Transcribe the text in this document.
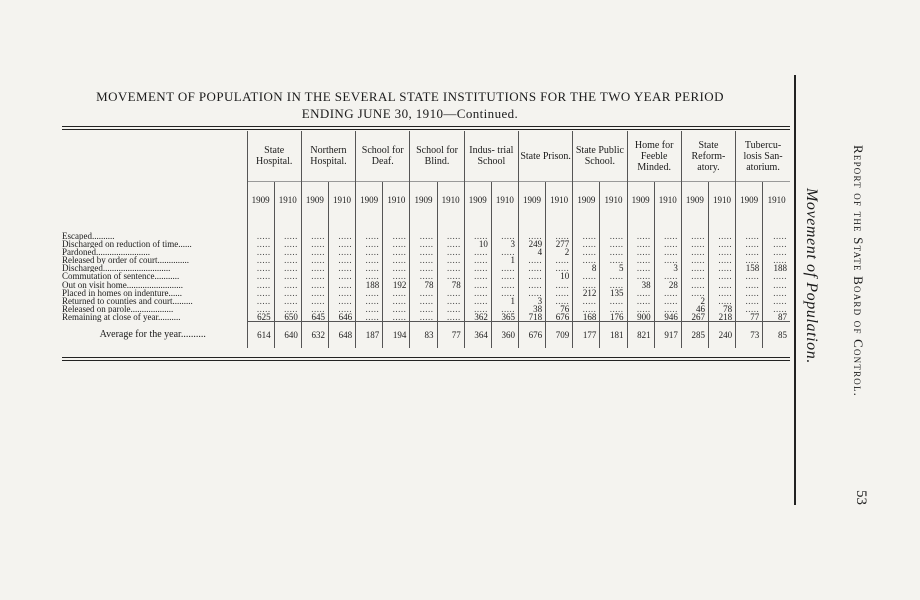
MOVEMENT OF POPULATION IN THE SEVERAL STATE INSTITUTIONS FOR THE TWO YEAR PERIOD
ENDING JUNE 30, 1910—Continued.
	State Hospital.		Northern Hospital.		School for Deaf.		School for Blind.		Indus- trial School		State Prison.		State Public School.		Home for Feeble Minded.		State Reform- atory.		Tubercu- losis San- atorium.	
	1909	1910	1909	1910	1909	1910	1909	1910	1909	1910	1909	1910	1909	1910	1909	1910	1909	1910	1909	1910

Escaped..........	.....	.....	.....	.....	.....	.....	.....	.....	.....	.....	.....	.....	.....	.....	.....	.....	.....	.....	.....	.....
Discharged on reduction of time......	.....	.....	.....	.....	.....	.....	.....	.....	10	3	249	277	.....	.....	.....	.....	.....	.....	.....	.....
Pardoned........................	.....	.....	.....	.....	.....	.....	.....	.....	.....	.....	4	2	.....	.....	.....	.....	.....	.....	.....	.....
Released by order of court..............	.....	.....	.....	.....	.....	.....	.....	.....	.....	1	.....	.....	.....	.....	.....	.....	.....	.....	.....	.....
Discharged..............................	.....	.....	.....	.....	.....	.....	.....	.....	.....	.....	.....	.....	8	5	.....	3	.....	.....	158	188
Commutation of sentence...........	.....	.....	.....	.....	.....	.....	.....	.....	.....	.....	.....	10	.....	.....	.....	.....	.....	.....	.....	.....
Out on visit home.........................	.....	.....	.....	.....	188	192	78	78	.....	.....	.....	.....	.....	.....	38	28	.....	.....	.....	.....
Placed in homes on indenture......	.....	.....	.....	.....	.....	.....	.....	.....	.....	.....	.....	.....	212	135	.....	.....	.....	.....	.....	.....
Returned to counties and court.........	.....	.....	.....	.....	.....	.....	.....	.....	.....	1	3	.....	.....	.....	.....	.....	2	.....	.....	.....
Released on parole...................	.....	.....	.....	.....	.....	.....	.....	.....	.....	.....	38	76	.....	.....	.....	.....	46	78	.....	.....
Remaining at close of year..........	625	650	645	646	.....	.....	.....	.....	362	365	718	676	168	176	900	946	267	218	77	87
Average for the year..........	614	640	632	648	187	194	83	77	364	360	676	709	177	181	821	917	285	240	73	85 Movement of Population. Report of the State Board of Control.
53
